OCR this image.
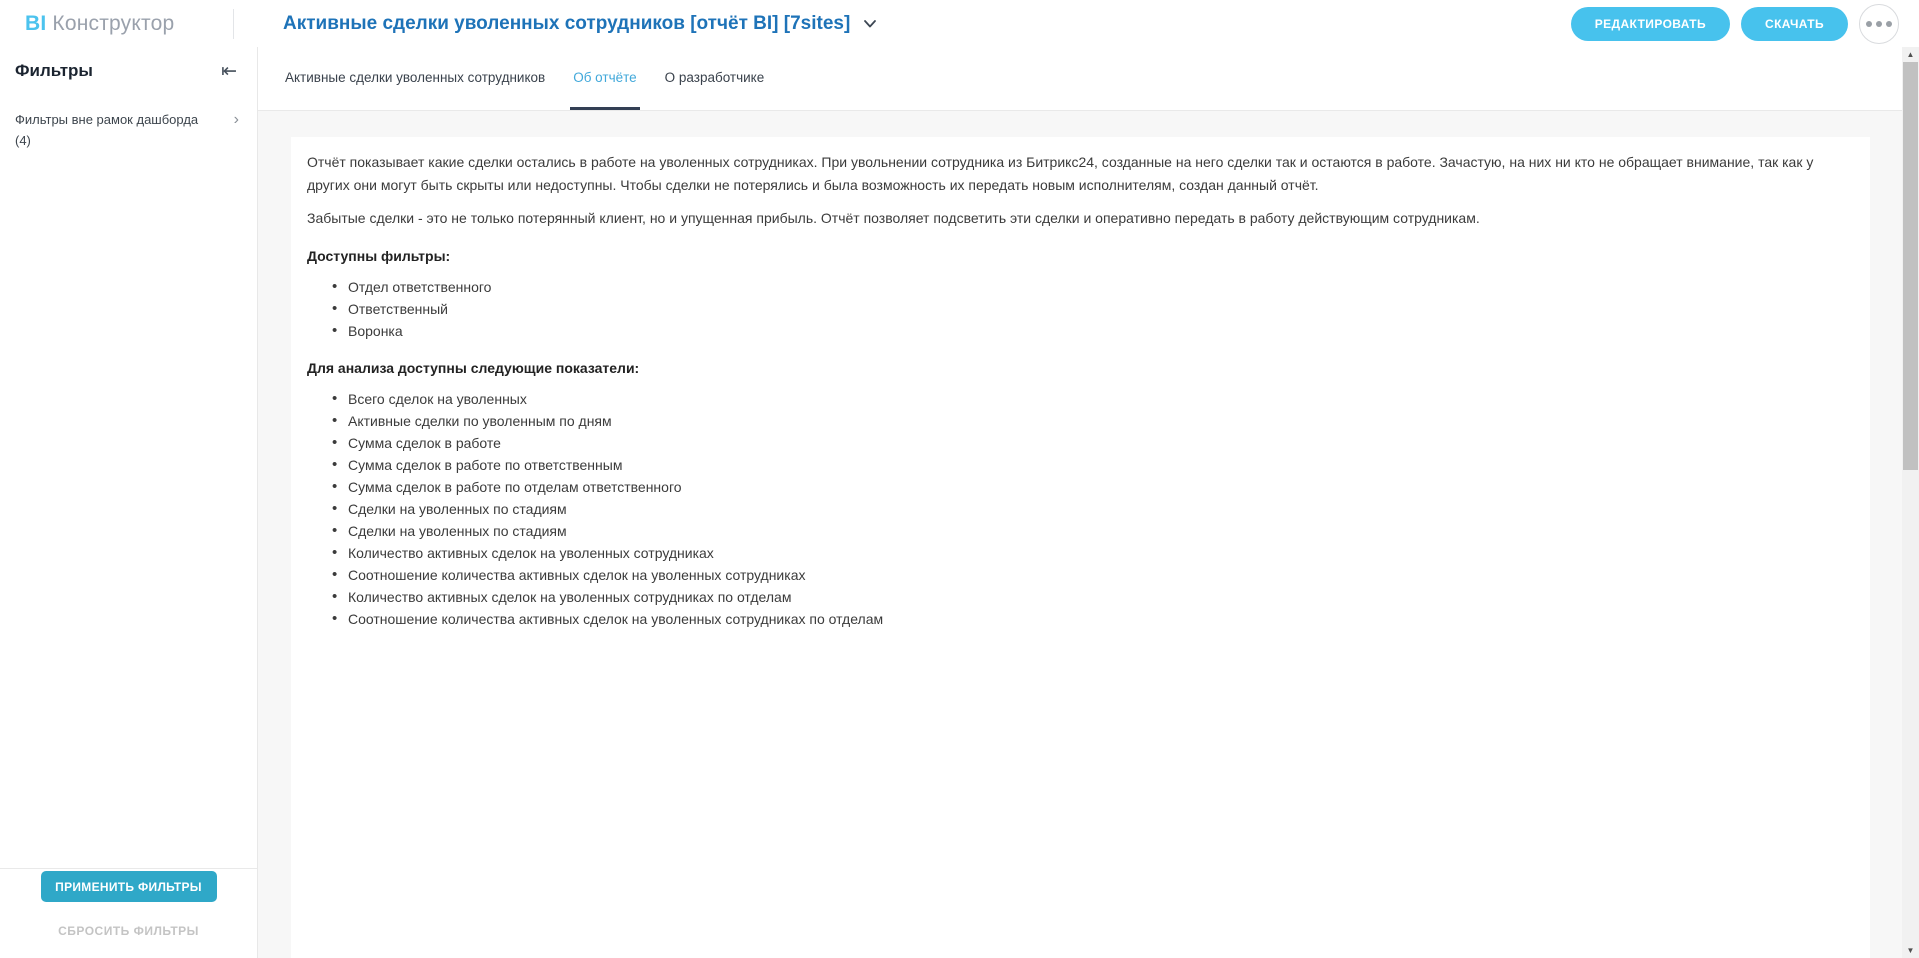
BI Конструктор	Активные сделки уволенных сотрудников [отчёт BI] [7sites]	РЕДАКТИРОВАТЬ	СКАЧАТЬ
Фильтры	⇤
Фильтры вне рамок дашборда (4)
›
ПРИМЕНИТЬ ФИЛЬТРЫ
СБРОСИТЬ ФИЛЬТРЫ
Активные сделки уволенных сотрудников Об отчёте О разработчике

Отчёт показывает какие сделки остались в работе на уволенных сотрудниках. При увольнении сотрудника из Битрикс24, созданные на него сделки так и остаются в работе. Зачастую, на них ни кто не обращает внимание, так как у других они могут быть скрыты или недоступны. Чтобы сделки не потерялись и была возможность их передать новым исполнителям, создан данный отчёт.

Забытые сделки - это не только потерянный клиент, но и упущенная прибыль. Отчёт позволяет подсветить эти сделки и оперативно передать в работу действующим сотрудникам.

Доступны фильтры:
• Отдел ответственного
• Ответственный
• Воронка
Для анализа доступны следующие показатели:
• Всего сделок на уволенных
• Активные сделки по уволенным по дням
• Сумма сделок в работе
• Сумма сделок в работе по ответственным
• Сумма сделок в работе по отделам ответственного
• Сделки на уволенных по стадиям
• Сделки на уволенных по стадиям
• Количество активных сделок на уволенных сотрудниках
• Соотношение количества активных сделок на уволенных сотрудниках
• Количество активных сделок на уволенных сотрудниках по отделам
• Соотношение количества активных сделок на уволенных сотрудниках по отделам
▲
▼
